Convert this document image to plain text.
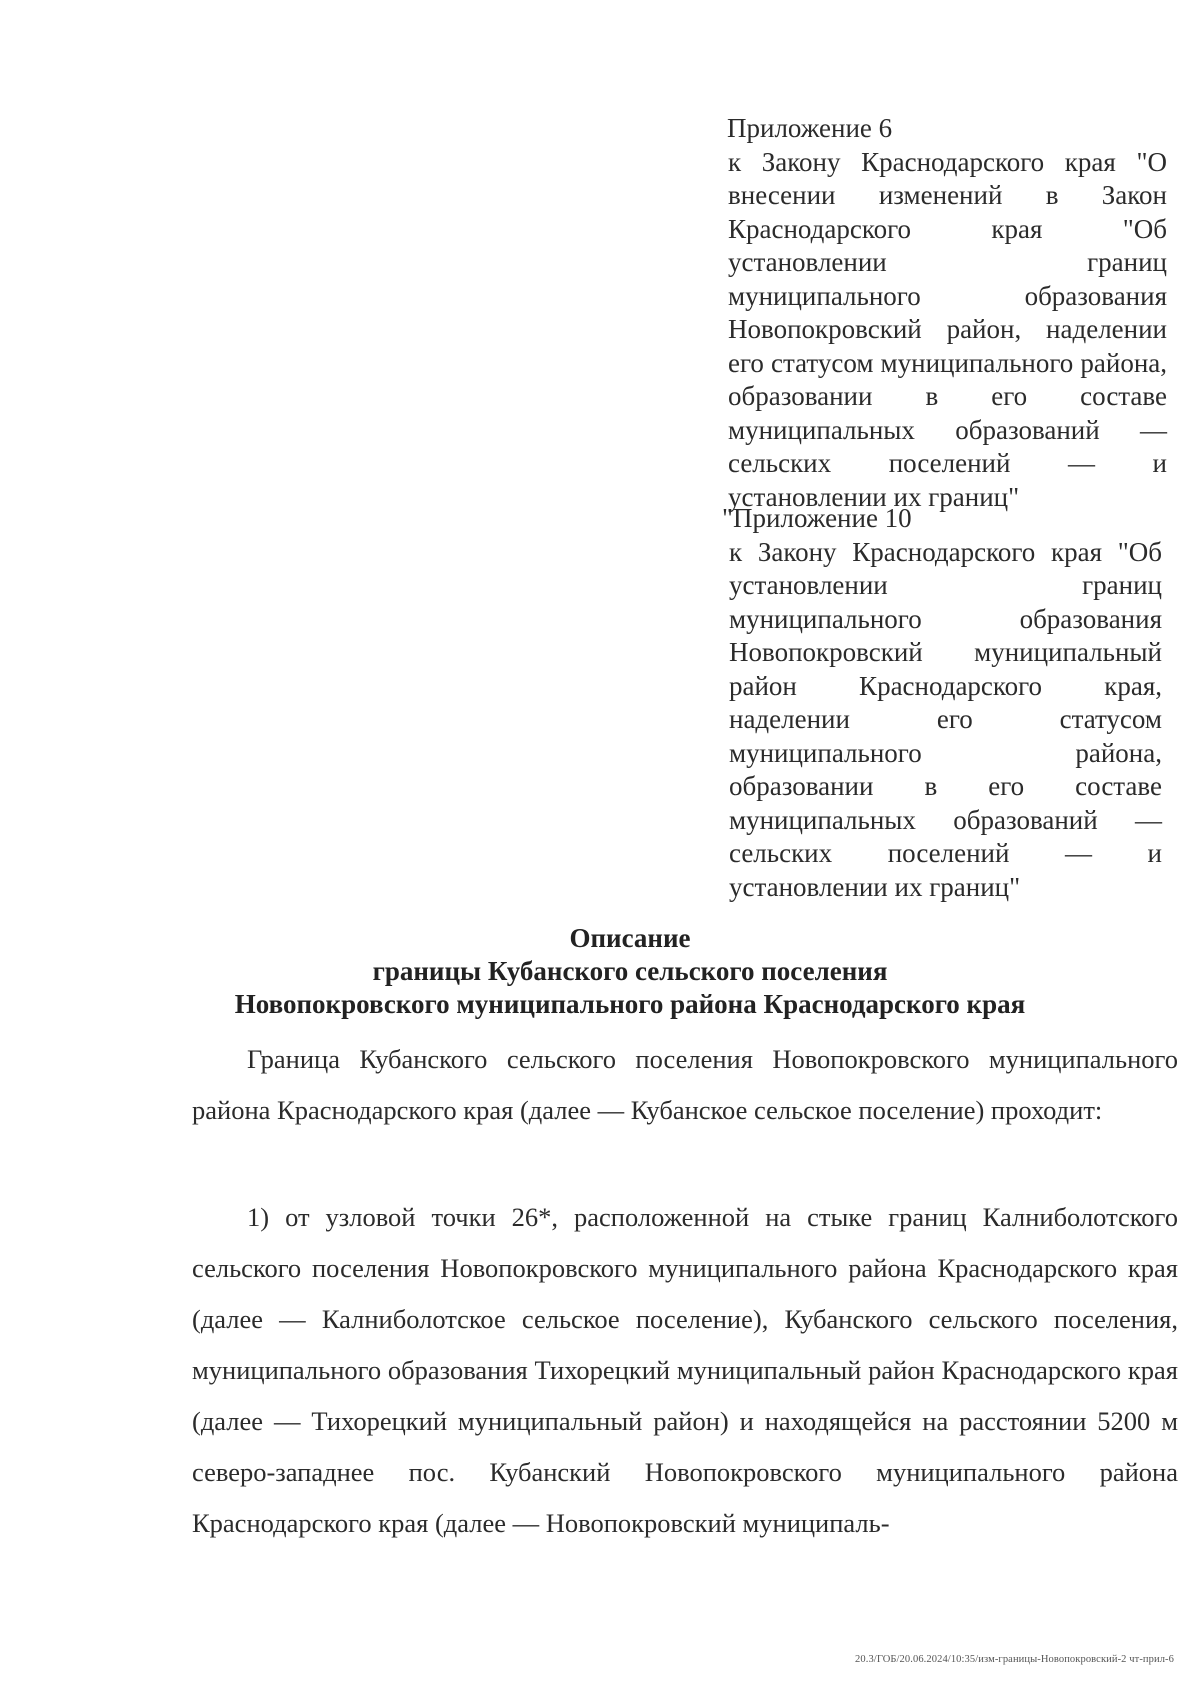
Приложение 6
к Закону Краснодарского края "О внесении изменений в Закон Краснодарского края "Об установлении границ муниципального образования Новопокровский район, наделении его статусом муниципального района, образовании в его составе муниципальных образований — сельских поселений — и установлении их границ"
"Приложение 10
к Закону Краснодарского края "Об установлении границ муниципального образования Новопокровский муниципальный район Краснодарского края, наделении его статусом муниципального района, образовании в его составе муниципальных образований — сельских поселений — и установлении их границ"
Описание
границы Кубанского сельского поселения
Новопокровского муниципального района Краснодарского края
Граница Кубанского сельского поселения Новопокровского муниципального района Краснодарского края (далее — Кубанское сельское поселение) проходит:
1) от узловой точки 26*, расположенной на стыке границ Калниболотского сельского поселения Новопокровского муниципального района Краснодарского края (далее — Калниболотское сельское поселение), Кубанского сельского поселения, муниципального образования Тихорецкий муниципальный район Краснодарского края (далее — Тихорецкий муниципальный район) и находящейся на расстоянии 5200 м северо-западнее пос. Кубанский Новопокровского муниципального района Краснодарского края (далее — Новопокровский муниципаль-
20.3/ГОБ/20.06.2024/10:35/изм-границы-Новопокровский-2 чт-прил-6
